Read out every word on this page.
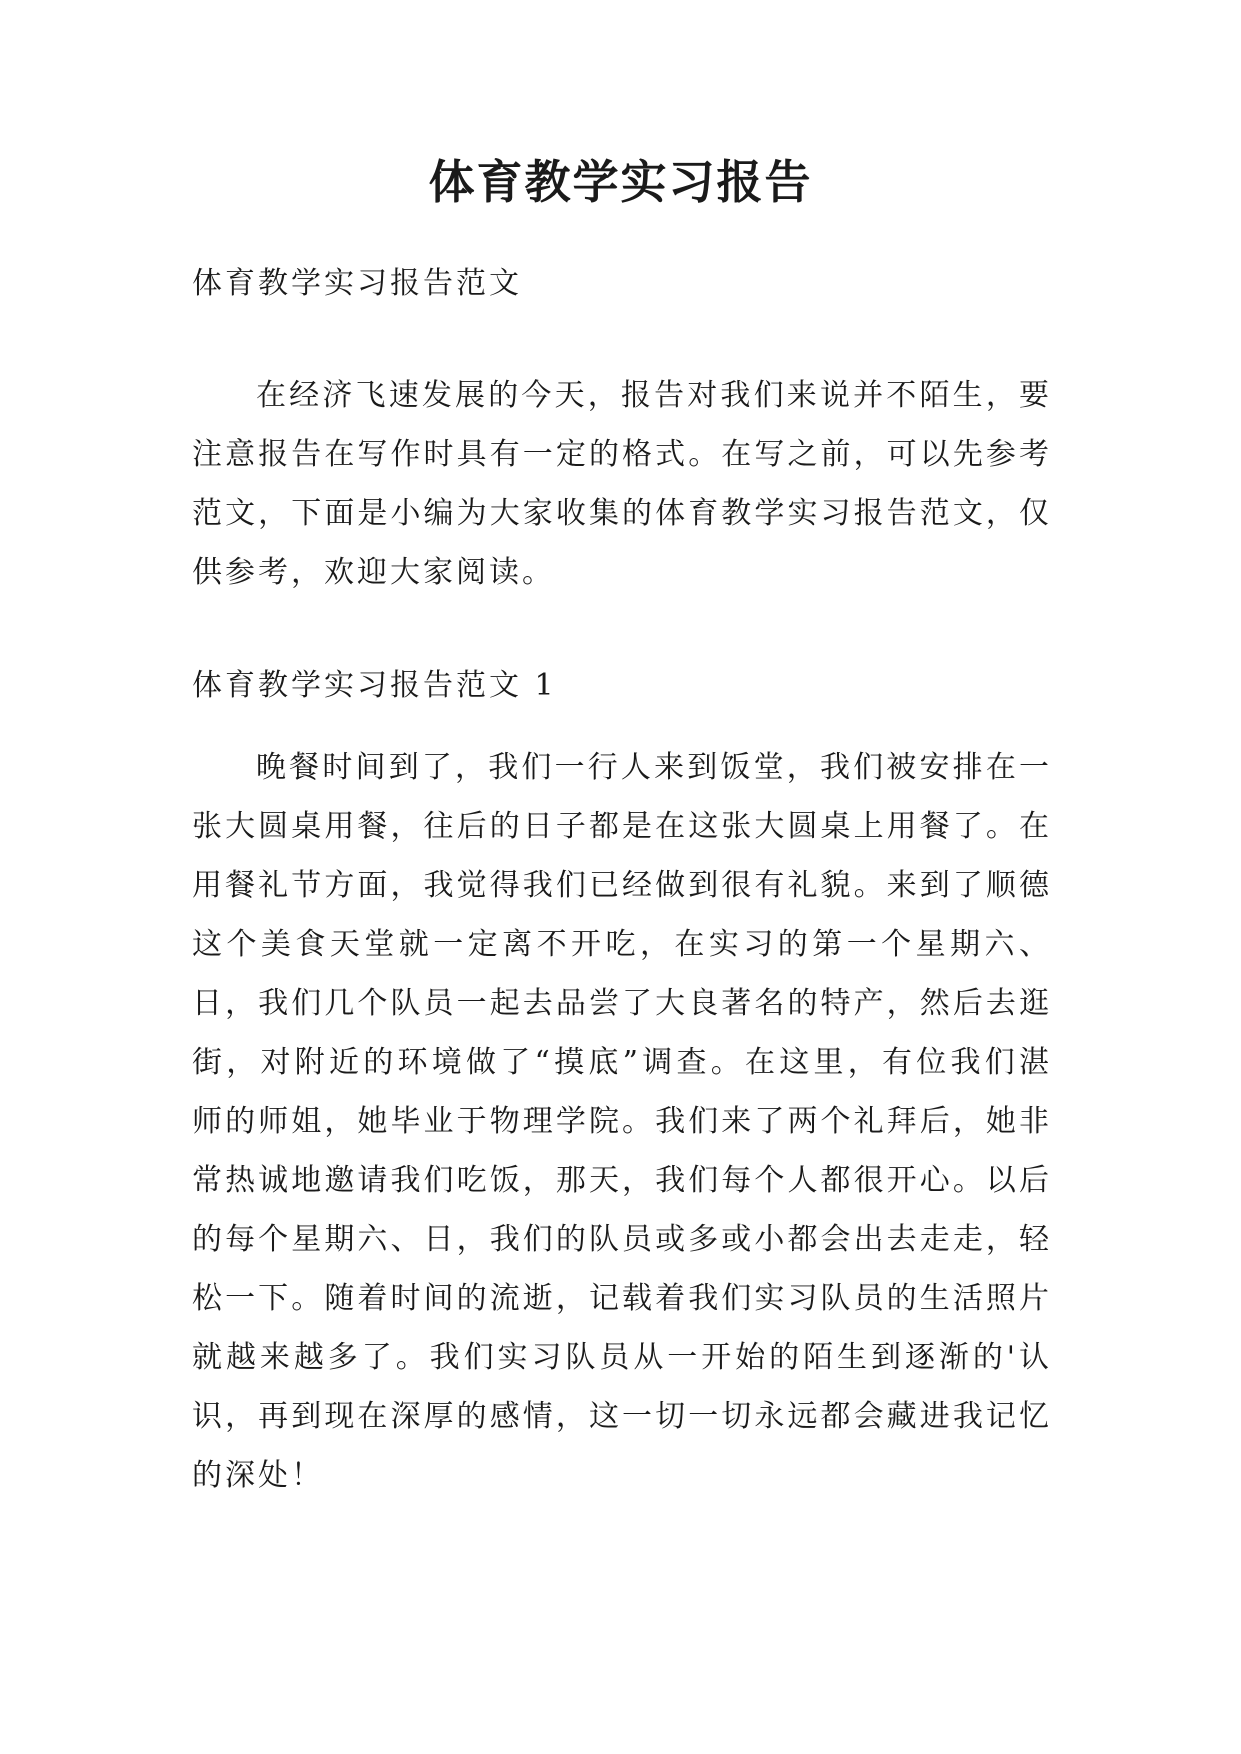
体育教学实习报告

体育教学实习报告范文

在经济飞速发展的今天，报告对我们来说并不陌生，要注意报告在写作时具有一定的格式。在写之前，可以先参考范文，下面是小编为大家收集的体育教学实习报告范文，仅供参考，欢迎大家阅读。

体育教学实习报告范文 1

晚餐时间到了，我们一行人来到饭堂，我们被安排在一张大圆桌用餐，往后的日子都是在这张大圆桌上用餐了。在用餐礼节方面，我觉得我们已经做到很有礼貌。来到了顺德这个美食天堂就一定离不开吃，在实习的第一个星期六、日，我们几个队员一起去品尝了大良著名的特产，然后去逛街，对附近的环境做了“摸底”调查。在这里，有位我们湛师的师姐，她毕业于物理学院。我们来了两个礼拜后，她非常热诚地邀请我们吃饭，那天，我们每个人都很开心。以后的每个星期六、日，我们的队员或多或小都会出去走走，轻松一下。随着时间的流逝，记载着我们实习队员的生活照片就越来越多了。我们实习队员从一开始的陌生到逐渐的'认识，再到现在深厚的感情，这一切一切永远都会藏进我记忆的深处！
